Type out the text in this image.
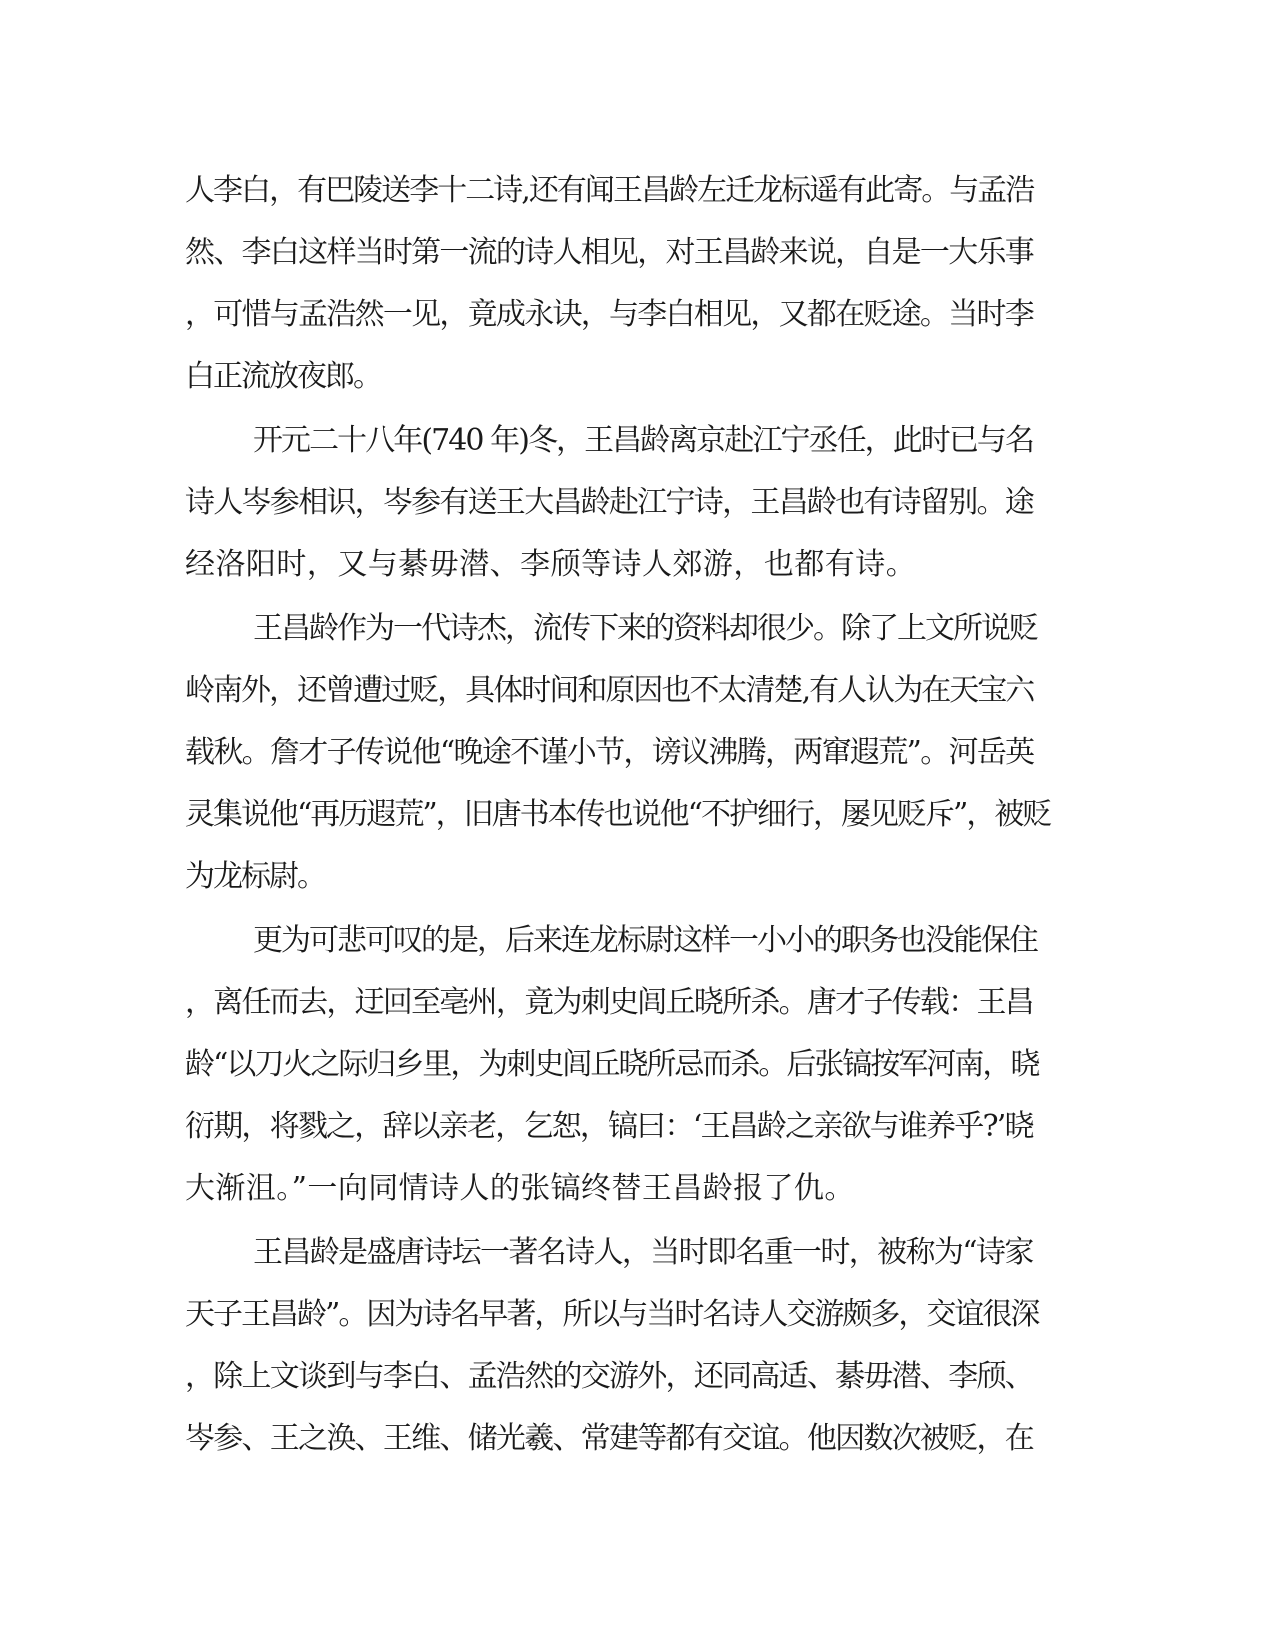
人李白，有巴陵送李十二诗,还有闻王昌龄左迁龙标遥有此寄。与孟浩
然、李白这样当时第一流的诗人相见，对王昌龄来说，自是一大乐事
，可惜与孟浩然一见，竟成永诀，与李白相见，又都在贬途。当时李
白正流放夜郎。
开元二十八年(740 年)冬，王昌龄离京赴江宁丞任，此时已与名
诗人岑参相识，岑参有送王大昌龄赴江宁诗，王昌龄也有诗留别。途
经洛阳时，又与綦毋潜、李颀等诗人郊游，也都有诗。
王昌龄作为一代诗杰，流传下来的资料却很少。除了上文所说贬
岭南外，还曾遭过贬，具体时间和原因也不太清楚,有人认为在天宝六
载秋。詹才子传说他“晚途不谨小节，谤议沸腾，两窜遐荒”。河岳英
灵集说他“再历遐荒”，旧唐书本传也说他“不护细行，屡见贬斥”，被贬
为龙标尉。
更为可悲可叹的是，后来连龙标尉这样一小小的职务也没能保住
，离任而去，迂回至亳州，竟为刺史闾丘晓所杀。唐才子传载：王昌
龄“以刀火之际归乡里，为刺史闾丘晓所忌而杀。后张镐按军河南，晓
衍期，将戮之，辞以亲老，乞恕，镐曰：‘王昌龄之亲欲与谁养乎?’晓
大渐沮。”一向同情诗人的张镐终替王昌龄报了仇。
王昌龄是盛唐诗坛一著名诗人，当时即名重一时，被称为“诗家
天子王昌龄”。因为诗名早著，所以与当时名诗人交游颇多，交谊很深
，除上文谈到与李白、孟浩然的交游外，还同高适、綦毋潜、李颀、
岑参、王之涣、王维、储光羲、常建等都有交谊。他因数次被贬，在
